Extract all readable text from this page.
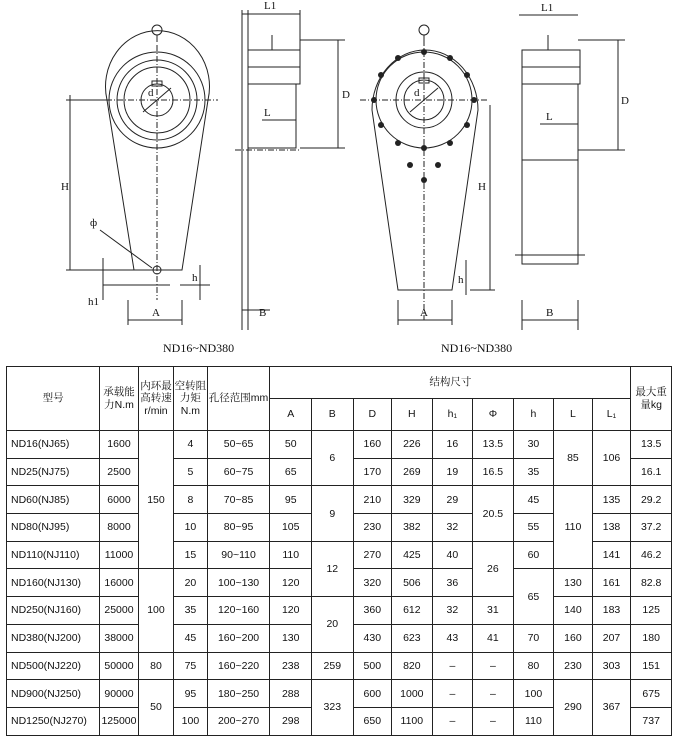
L1	L1
L	L
D	D
d	d
H	H
ф
h	h
h1
A	A
B	B
ND16~ND380	ND16~ND380
型号	承载能力N.m	内环最高转速r/min	空转阻力矩N.m	孔径范围mm	结构尺寸									最大重量kg
					A	B	D	H	h₁	Φ	h	L	L₁	
ND16(NJ65)	1600	150	4	50~65	50	6	160	226	16	13.5	30	85	106	13.5
ND25(NJ75)	2500		5	60~75	65		170	269	19	16.5	35			16.1
ND60(NJ85)	6000		8	70~85	95	9	210	329	29	20.5	45	110	135	29.2
ND80(NJ95)	8000		10	80~95	105		230	382	32		55		138	37.2
ND110(NJ110)	11000		15	90~110	110	12	270	425	40	26	60		141	46.2
ND160(NJ130)	16000	100	20	100~130	120		320	506	36		65	130	161	82.8
ND250(NJ160)	25000		35	120~160	120	20	360	612	32	31		140	183	125
ND380(NJ200)	38000		45	160~200	130		430	623	43	41	70	160	207	180
ND500(NJ220)	50000	80	75	160~220	238	259	500	820	–	–	80	230	303	151
ND900(NJ250)	90000	50	95	180~250	288	323	600	1000	–	–	100	290	367	675
ND1250(NJ270)	125000		100	200~270	298		650	1100	–	–	110			737
